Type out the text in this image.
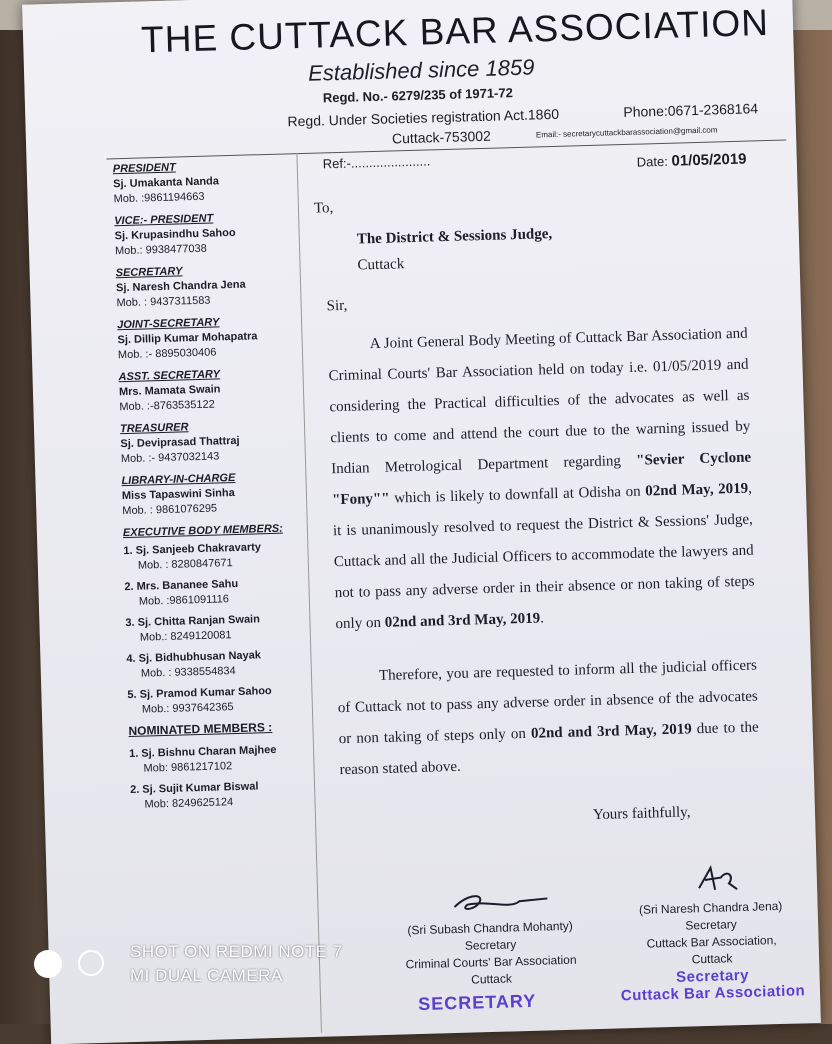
THE CUTTACK BAR ASSOCIATION
Established since 1859
Regd. No.- 6279/235 of 1971-72
Regd. Under Societies registration Act.1860
Cuttack-753002
Phone:0671-2368164
Email:- secretarycuttackbarassociation@gmail.com
PRESIDENT
Sj. Umakanta Nanda
Mob. :9861194663
VICE:- PRESIDENT
Sj. Krupasindhu Sahoo
Mob.: 9938477038
SECRETARY
Sj. Naresh Chandra Jena
Mob. : 9437311583
JOINT-SECRETARY
Sj. Dillip Kumar Mohapatra
Mob. :- 8895030406
ASST. SECRETARY
Mrs. Mamata Swain
Mob. :-8763535122
TREASURER
Sj. Deviprasad Thattraj
Mob. :- 9437032143
LIBRARY-IN-CHARGE
Miss Tapaswini Sinha
Mob. : 9861076295
EXECUTIVE BODY MEMBERS:
1. Sj. Sanjeeb Chakravarty
Mob. : 8280847671
2. Mrs. Bananee Sahu
Mob. :9861091116
3. Sj. Chitta Ranjan Swain
Mob.: 8249120081
4. Sj. Bidhubhusan Nayak
Mob. : 9338554834
5. Sj. Pramod Kumar Sahoo
Mob.: 9937642365
NOMINATED MEMBERS :
1. Sj. Bishnu Charan Majhee
Mob: 9861217102
2. Sj. Sujit Kumar Biswal
Mob: 8249625124
Ref:-......................	Date: 01/05/2019
To,
The District & Sessions Judge,
Cuttack
Sir,

A Joint General Body Meeting of Cuttack Bar Association and Criminal Courts' Bar Association held on today i.e. 01/05/2019 and considering the Practical difficulties of the advocates as well as clients to come and attend the court due to the warning issued by Indian Metrological Department regarding "Sevier Cyclone "Fony"" which is likely to downfall at Odisha on 02nd May, 2019, it is unanimously resolved to request the District & Sessions' Judge, Cuttack and all the Judicial Officers to accommodate the lawyers and not to pass any adverse order in their absence or non taking of steps only on 02nd and 3rd May, 2019.

Therefore, you are requested to inform all the judicial officers of Cuttack not to pass any adverse order in absence of the advocates or non taking of steps only on 02nd and 3rd May, 2019 due to the reason stated above.

Yours faithfully,
(Sri Subash Chandra Mohanty)
Secretary
Criminal Courts' Bar Association
Cuttack
SECRETARY
(Sri Naresh Chandra Jena)
Secretary
Cuttack Bar Association,
Cuttack
Secretary
Cuttack Bar Association
SHOT ON REDMI NOTE 7
MI DUAL CAMERA
